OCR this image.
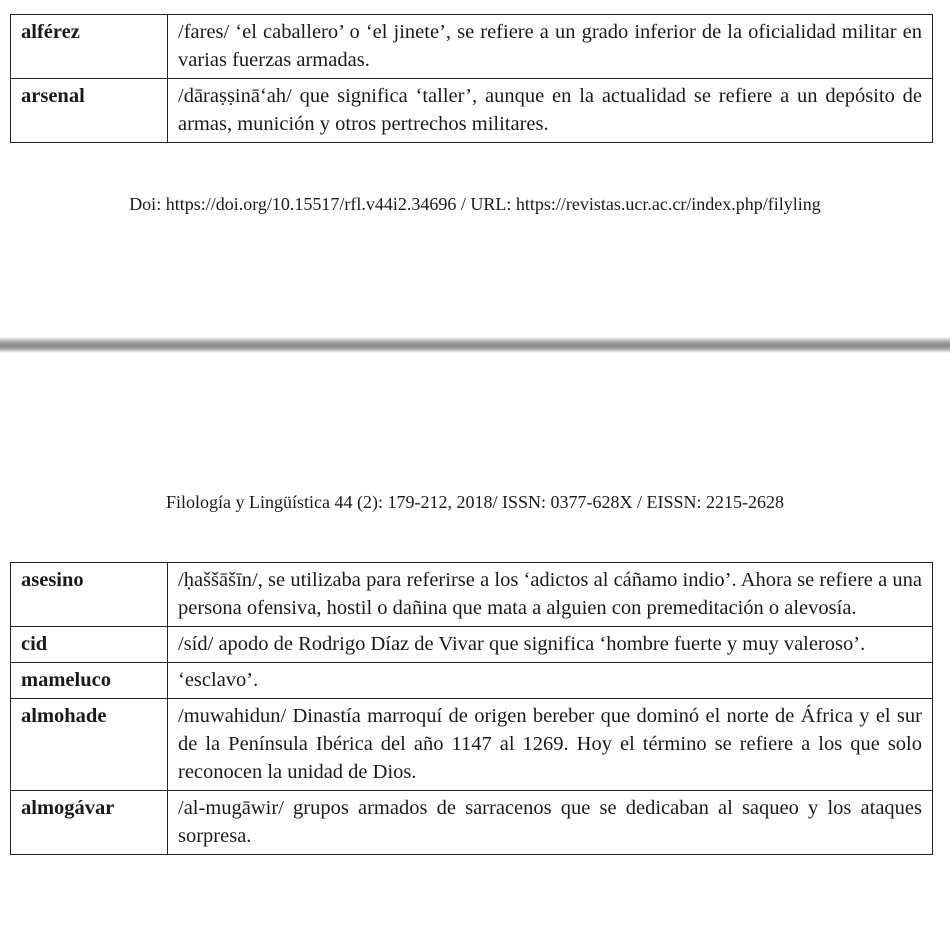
alférez	/fares/ ‘el caballero’ o ‘el jinete’, se refiere a un grado inferior de la oficialidad militar en varias fuerzas armadas.
arsenal	/dāraṣṣinā‘ah/ que significa ‘taller’, aunque en la actualidad se refiere a un depósito de armas, munición y otros pertrechos militares.
Doi: https://doi.org/10.15517/rfl.v44i2.34696 / URL: https://revistas.ucr.ac.cr/index.php/filyling
Filología y Lingüística 44 (2): 179-212, 2018/ ISSN: 0377-628X / EISSN: 2215-2628
asesino	/ḥaššāšīn/, se utilizaba para referirse a los ‘adictos al cáñamo indio’. Ahora se refiere a una persona ofensiva, hostil o dañina que mata a alguien con premeditación o alevosía.
cid	/síd/ apodo de Rodrigo Díaz de Vivar que significa ‘hombre fuerte y muy valeroso’.
mameluco	‘esclavo’.
almohade	/muwahidun/ Dinastía marroquí de origen bereber que dominó el norte de África y el sur de la Península Ibérica del año 1147 al 1269. Hoy el término se refiere a los que solo reconocen la unidad de Dios.
almogávar	/al-mugāwir/ grupos armados de sarracenos que se dedicaban al saqueo y los ataques sorpresa.
